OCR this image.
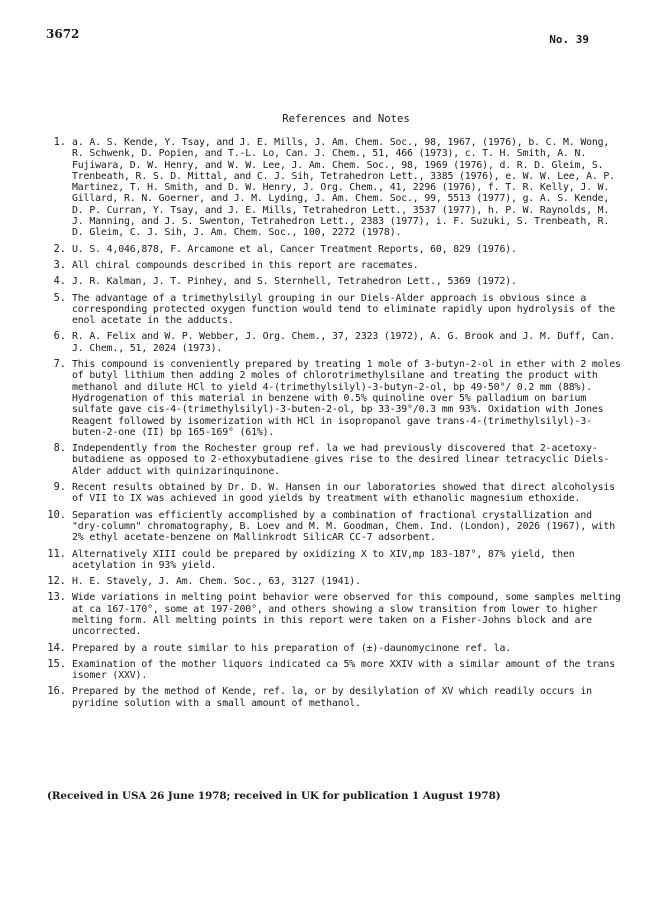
3672	No. 39
References and Notes
1. a. A. S. Kende, Y. Tsay, and J. E. Mills, J. Am. Chem. Soc., 98, 1967, (1976), b. C. M. Wong, R. Schwenk, D. Popien, and T.-L. Lo, Can. J. Chem., 51, 466 (1973), c. T. H. Smith, A. N. Fujiwara, D. W. Henry, and W. W. Lee, J. Am. Chem. Soc., 98, 1969 (1976), d. R. D. Gleim, S. Trenbeath, R. S. D. Mittal, and C. J. Sih, Tetrahedron Lett., 3385 (1976), e. W. W. Lee, A. P. Martinez, T. H. Smith, and D. W. Henry, J. Org. Chem., 41, 2296 (1976), f. T. R. Kelly, J. W. Gillard, R. N. Goerner, and J. M. Lyding, J. Am. Chem. Soc., 99, 5513 (1977), g. A. S. Kende, D. P. Curran, Y. Tsay, and J. E. Mills, Tetrahedron Lett., 3537 (1977), h. P. W. Raynolds, M. J. Manning, and J. S. Swenton, Tetrahedron Lett., 2383 (1977), i. F. Suzuki, S. Trenbeath, R. D. Gleim, C. J. Sih, J. Am. Chem. Soc., 100, 2272 (1978).
2. U. S. 4,046,878, F. Arcamone et al, Cancer Treatment Reports, 60, 829 (1976).
3. All chiral compounds described in this report are racemates.
4. J. R. Kalman, J. T. Pinhey, and S. Sternhell, Tetrahedron Lett., 5369 (1972).
5. The advantage of a trimethylsilyl grouping in our Diels-Alder approach is obvious since a corresponding protected oxygen function would tend to eliminate rapidly upon hydrolysis of the enol acetate in the adducts.
6. R. A. Felix and W. P. Webber, J. Org. Chem., 37, 2323 (1972), A. G. Brook and J. M. Duff, Can. J. Chem., 51, 2024 (1973).
7. This compound is conveniently prepared by treating 1 mole of 3-butyn-2-ol in ether with 2 moles of butyl lithium then adding 2 moles of chlorotrimethylsilane and treating the product with methanol and dilute HCl to yield 4-(trimethylsilyl)-3-butyn-2-ol, bp 49-50°/ 0.2 mm (88%). Hydrogenation of this material in benzene with 0.5% quinoline over 5% palladium on barium sulfate gave cis-4-(trimethylsilyl)-3-buten-2-ol, bp 33-39°/0.3 mm 93%. Oxidation with Jones Reagent followed by isomerization with HCl in isopropanol gave trans-4-(trimethylsilyl)-3-buten-2-one (II) bp 165-169° (61%).
8. Independently from the Rochester group ref. la we had previously discovered that 2-acetoxy-butadiene as opposed to 2-ethoxybutadiene gives rise to the desired linear tetracyclic Diels-Alder adduct with quinizarinquinone.
9. Recent results obtained by Dr. D. W. Hansen in our laboratories showed that direct alcoholysis of VII to IX was achieved in good yields by treatment with ethanolic magnesium ethoxide.
10. Separation was efficiently accomplished by a combination of fractional crystallization and "dry-column" chromatography, B. Loev and M. M. Goodman, Chem. Ind. (London), 2026 (1967), with 2% ethyl acetate-benzene on Mallinkrodt SilicAR CC-7 adsorbent.
11. Alternatively XIII could be prepared by oxidizing X to XIV,mp 183-187°, 87% yield, then acetylation in 93% yield.
12. H. E. Stavely, J. Am. Chem. Soc., 63, 3127 (1941).
13. Wide variations in melting point behavior were observed for this compound, some samples melting at ca 167-170°, some at 197-200°, and others showing a slow transition from lower to higher melting form. All melting points in this report were taken on a Fisher-Johns block and are uncorrected.
14. Prepared by a route similar to his preparation of (±)-daunomycinone ref. la.
15. Examination of the mother liquors indicated ca 5% more XXIV with a similar amount of the trans isomer (XXV).
16. Prepared by the method of Kende, ref. la, or by desilylation of XV which readily occurs in pyridine solution with a small amount of methanol.
(Received in USA 26 June 1978; received in UK for publication 1 August 1978)
